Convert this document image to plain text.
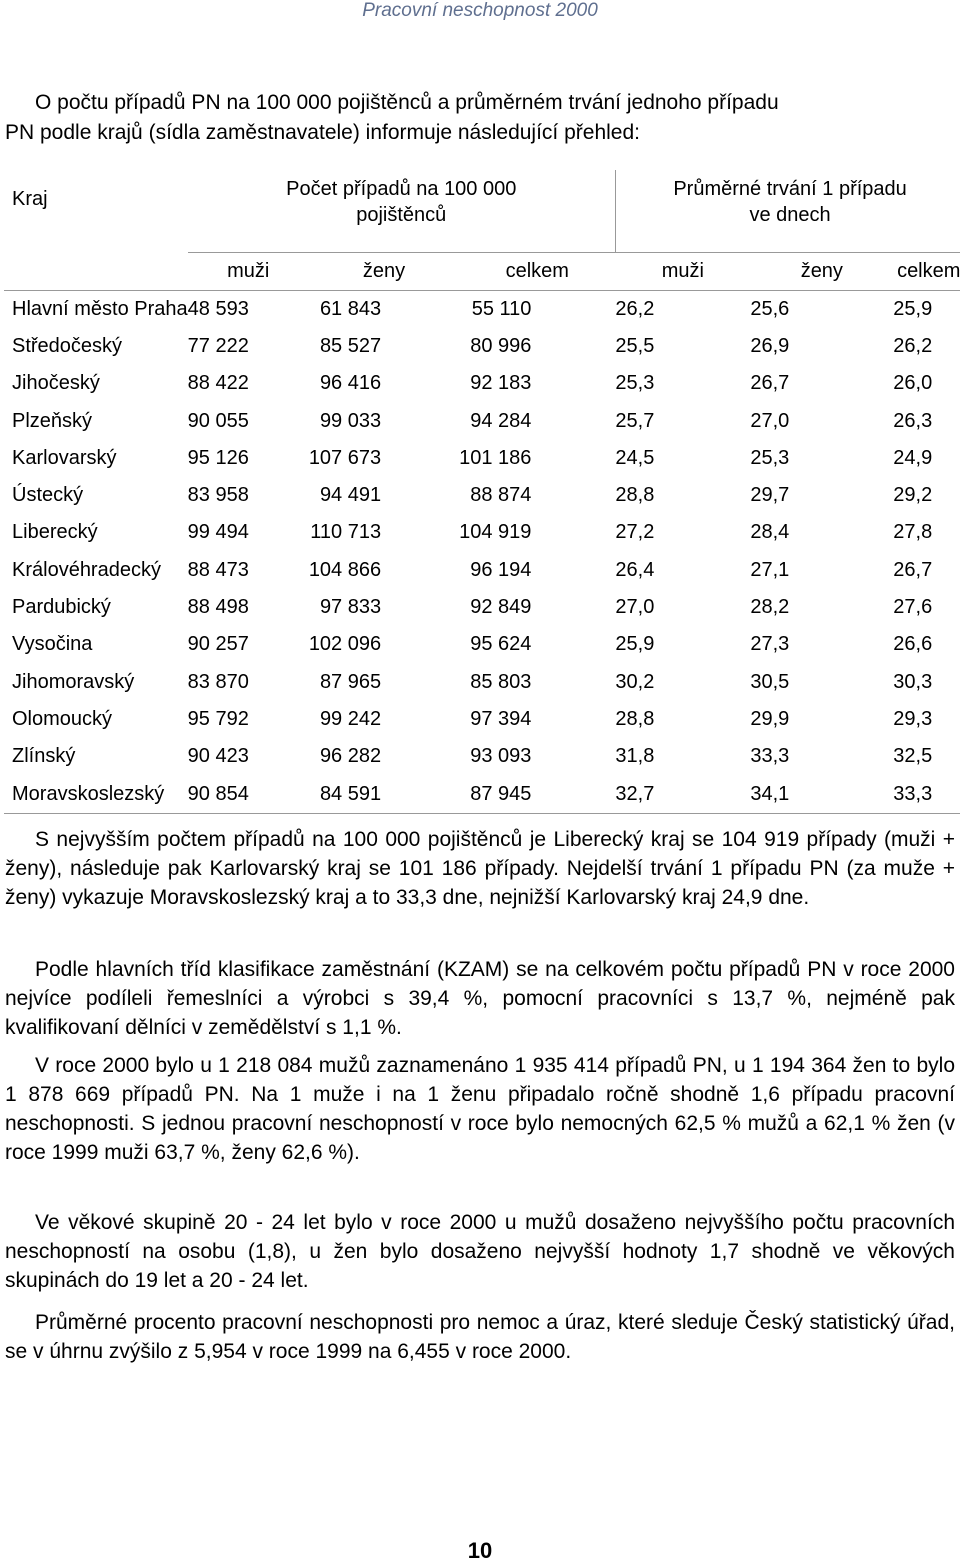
Pracovní neschopnost 2000
O počtu případů PN na 100 000 pojištěnců a průměrném trvání jednoho případu
PN podle krajů (sídla zaměstnavatele) informuje následující přehled:
Kraj	Počet případů na 100 000
pojištěnců			Průměrné trvání 1 případu
ve dnech		
	muži	ženy	celkem	muži	ženy	celkem
Hlavní město Praha	48 593	61 843	55 110	26,2	25,6	25,9
Středočeský	77 222	85 527	80 996	25,5	26,9	26,2
Jihočeský	88 422	96 416	92 183	25,3	26,7	26,0
Plzeňský	90 055	99 033	94 284	25,7	27,0	26,3
Karlovarský	95 126	107 673	101 186	24,5	25,3	24,9
Ústecký	83 958	94 491	88 874	28,8	29,7	29,2
Liberecký	99 494	110 713	104 919	27,2	28,4	27,8
Královéhradecký	88 473	104 866	96 194	26,4	27,1	26,7
Pardubický	88 498	97 833	92 849	27,0	28,2	27,6
Vysočina	90 257	102 096	95 624	25,9	27,3	26,6
Jihomoravský	83 870	87 965	85 803	30,2	30,5	30,3
Olomoucký	95 792	99 242	97 394	28,8	29,9	29,3
Zlínský	90 423	96 282	93 093	31,8	33,3	32,5
Moravskoslezský	90 854	84 591	87 945	32,7	34,1	33,3
S nejvyšším počtem případů na 100 000 pojištěnců je Liberecký kraj se 104 919 případy (muži + ženy), následuje pak Karlovarský kraj se 101 186 případy. Nejdelší trvání 1 případu PN (za muže + ženy) vykazuje Moravskoslezský kraj a to 33,3 dne, nejnižší Karlovarský kraj 24,9 dne.
Podle hlavních tříd klasifikace zaměstnání (KZAM) se na celkovém počtu případů PN v roce 2000 nejvíce podíleli řemeslníci a výrobci s 39,4 %, pomocní pracovníci s 13,7 %, nejméně pak kvalifikovaní dělníci v zemědělství s 1,1 %.
V roce 2000 bylo u 1 218 084 mužů zaznamenáno 1 935 414 případů PN, u 1 194 364 žen to bylo 1 878 669 případů PN. Na 1 muže i na 1 ženu připadalo ročně shodně 1,6 případu pracovní neschopnosti. S jednou pracovní neschopností v roce bylo nemocných 62,5 % mužů a 62,1 % žen (v roce 1999 muži 63,7 %, ženy 62,6 %).
Ve věkové skupině 20 - 24 let bylo v roce 2000 u mužů dosaženo nejvyššího počtu pracovních neschopností na osobu (1,8), u žen bylo dosaženo nejvyšší hodnoty 1,7 shodně ve věkových skupinách do 19 let a 20 - 24 let.
Průměrné procento pracovní neschopnosti pro nemoc a úraz, které sleduje Český statistický úřad, se v úhrnu zvýšilo z 5,954 v roce 1999 na 6,455 v roce 2000.
10
